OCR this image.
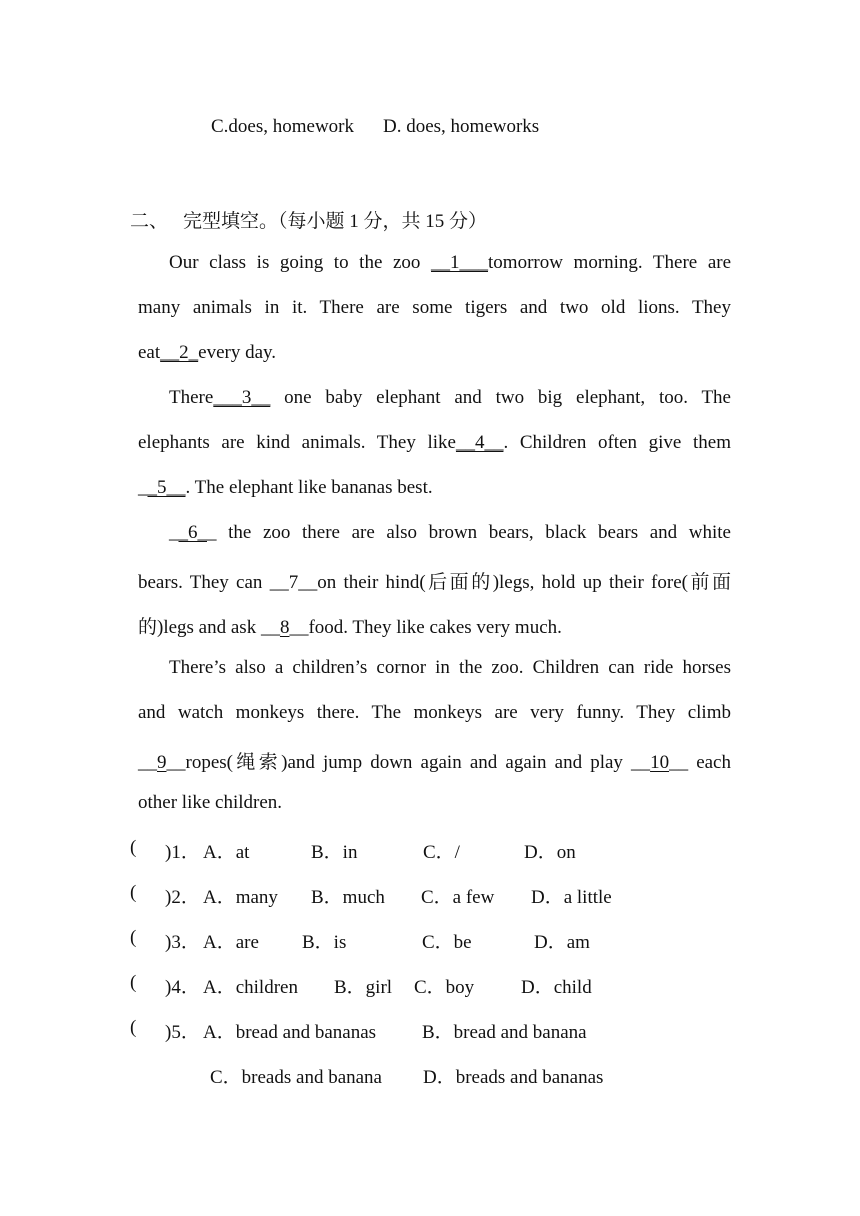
C.does, homework D. does, homeworks
二、 完型填空。（每小题 1 分，共 15 分）
Our class is going to the zoo __1___tomorrow morning. There are
many animals in it. There are some tigers and two old lions. They
eat__2_every day.
There___3__ one baby elephant and two big elephant, too. The
elephants are kind animals. They like__4__. Children often give them
__5__. The elephant like bananas best.
__6__ the zoo there are also brown bears, black bears and white
bears. They can __7__on their hind(后面的)legs, hold up their fore(前面
的)legs and ask __8__food. They like cakes very much.
There’s also a children’s cornor in the zoo. Children can ride horses
and watch monkeys there. The monkeys are very funny. They climb
__9__ropes(绳索)and jump down again and again and play __10__ each
other like children.
( )1． A．at	B．in	C．/	D．on
( )2． A．many B．much C．a few D．a little
( )3． A．are B．is	C．be	D．am
( )4． A．children B．girl C．boy D．child
( )5． A．bread and bananas B．bread and banana
C．breads and banana D．breads and bananas
